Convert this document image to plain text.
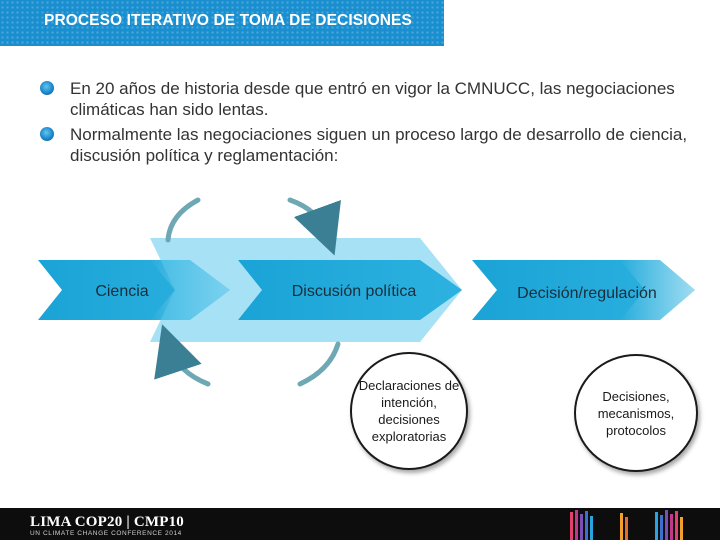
PROCESO ITERATIVO DE TOMA DE DECISIONES
En 20 años de historia desde que entró en vigor la CMNUCC, las negociaciones climáticas han sido lentas.
Normalmente las negociaciones siguen un proceso largo de desarrollo de ciencia, discusión política y reglamentación:
Ciencia	Discusión política	Decisión/regulación
Declaraciones de intención, decisiones exploratorias
Decisiones, mecanismos, protocolos
LIMA COP20 | CMP10
UN CLIMATE CHANGE CONFERENCE 2014
